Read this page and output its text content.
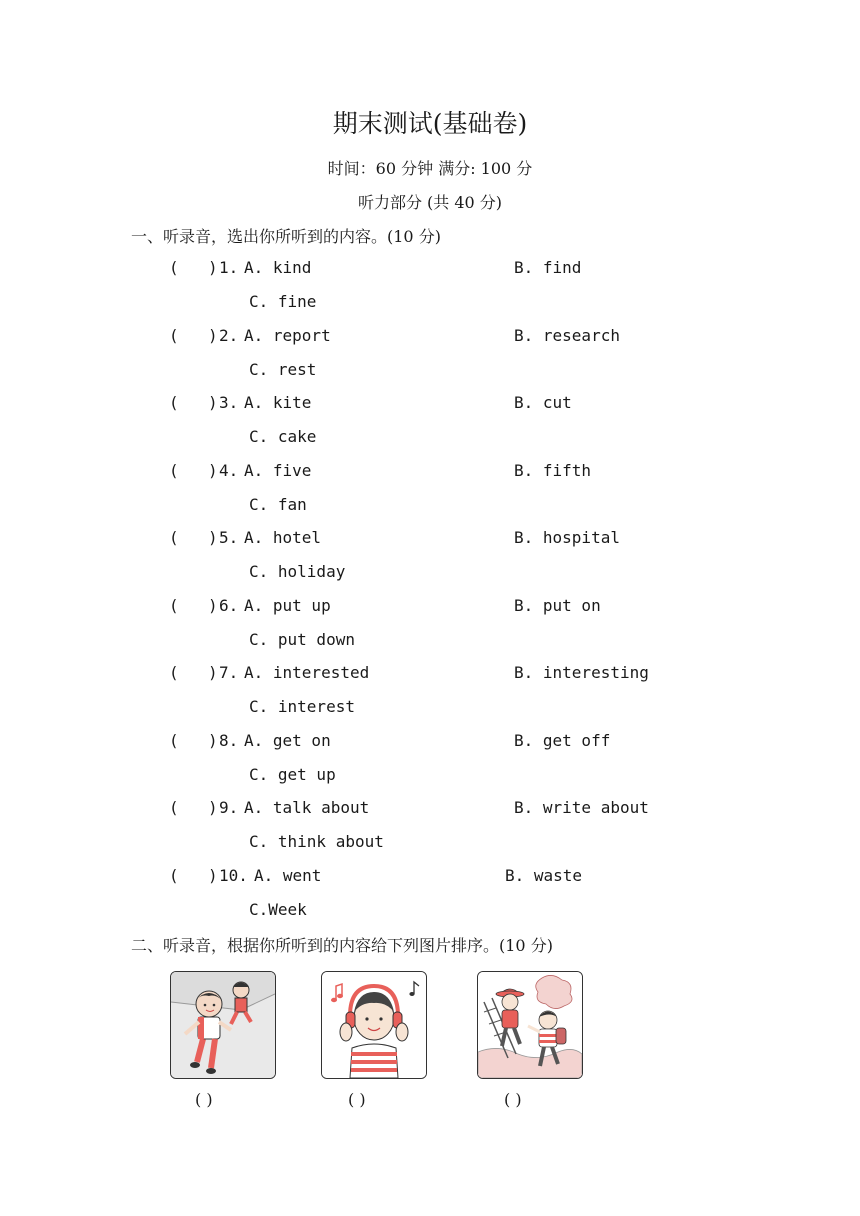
期末测试(基础卷)
时间：60 分钟 满分: 100 分
听力部分 (共 40 分)
一、听录音，选出你所听到的内容。(10 分)
( ) 1. A. kind	B. find
C. fine
( ) 2. A. report	B. research
C. rest
( ) 3. A. kite	B. cut
C. cake
( ) 4. A. five	B. fifth
C. fan
( ) 5. A. hotel	B. hospital
C. holiday
( ) 6. A. put up	B. put on
C. put down
( ) 7. A. interested	B. interesting
C. interest
( ) 8. A. get on	B. get off
C. get up
( ) 9. A. talk about	B. write about
C. think about
( ) 10. A. went	B. waste
C.Week
二、听录音，根据你所听到的内容给下列图片排序。(10 分)
( )	( )	( )
